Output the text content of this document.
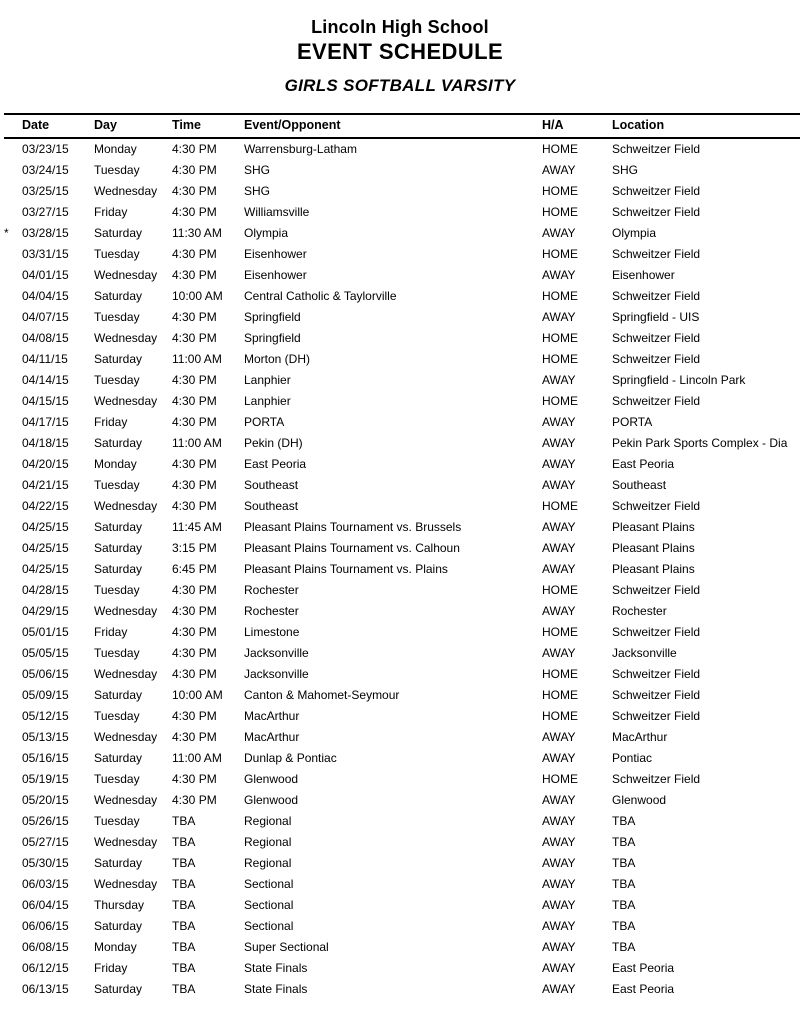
Lincoln High School
EVENT SCHEDULE
GIRLS SOFTBALL VARSITY
	Date	Day	Time	Event/Opponent	H/A	Location
	03/23/15	Monday	4:30 PM	Warrensburg-Latham	HOME	Schweitzer Field
	03/24/15	Tuesday	4:30 PM	SHG	AWAY	SHG
	03/25/15	Wednesday	4:30 PM	SHG	HOME	Schweitzer Field
	03/27/15	Friday	4:30 PM	Williamsville	HOME	Schweitzer Field
*	03/28/15	Saturday	11:30 AM	Olympia	AWAY	Olympia
	03/31/15	Tuesday	4:30 PM	Eisenhower	HOME	Schweitzer Field
	04/01/15	Wednesday	4:30 PM	Eisenhower	AWAY	Eisenhower
	04/04/15	Saturday	10:00 AM	Central Catholic & Taylorville	HOME	Schweitzer Field
	04/07/15	Tuesday	4:30 PM	Springfield	AWAY	Springfield - UIS
	04/08/15	Wednesday	4:30 PM	Springfield	HOME	Schweitzer Field
	04/11/15	Saturday	11:00 AM	Morton (DH)	HOME	Schweitzer Field
	04/14/15	Tuesday	4:30 PM	Lanphier	AWAY	Springfield - Lincoln Park
	04/15/15	Wednesday	4:30 PM	Lanphier	HOME	Schweitzer Field
	04/17/15	Friday	4:30 PM	PORTA	AWAY	PORTA
	04/18/15	Saturday	11:00 AM	Pekin (DH)	AWAY	Pekin Park Sports Complex - Dia
	04/20/15	Monday	4:30 PM	East Peoria	AWAY	East Peoria
	04/21/15	Tuesday	4:30 PM	Southeast	AWAY	Southeast
	04/22/15	Wednesday	4:30 PM	Southeast	HOME	Schweitzer Field
	04/25/15	Saturday	11:45 AM	Pleasant Plains Tournament vs. Brussels	AWAY	Pleasant Plains
	04/25/15	Saturday	3:15 PM	Pleasant Plains Tournament vs. Calhoun	AWAY	Pleasant Plains
	04/25/15	Saturday	6:45 PM	Pleasant Plains Tournament vs. Plains	AWAY	Pleasant Plains
	04/28/15	Tuesday	4:30 PM	Rochester	HOME	Schweitzer Field
	04/29/15	Wednesday	4:30 PM	Rochester	AWAY	Rochester
	05/01/15	Friday	4:30 PM	Limestone	HOME	Schweitzer Field
	05/05/15	Tuesday	4:30 PM	Jacksonville	AWAY	Jacksonville
	05/06/15	Wednesday	4:30 PM	Jacksonville	HOME	Schweitzer Field
	05/09/15	Saturday	10:00 AM	Canton & Mahomet-Seymour	HOME	Schweitzer Field
	05/12/15	Tuesday	4:30 PM	MacArthur	HOME	Schweitzer Field
	05/13/15	Wednesday	4:30 PM	MacArthur	AWAY	MacArthur
	05/16/15	Saturday	11:00 AM	Dunlap & Pontiac	AWAY	Pontiac
	05/19/15	Tuesday	4:30 PM	Glenwood	HOME	Schweitzer Field
	05/20/15	Wednesday	4:30 PM	Glenwood	AWAY	Glenwood
	05/26/15	Tuesday	TBA	Regional	AWAY	TBA
	05/27/15	Wednesday	TBA	Regional	AWAY	TBA
	05/30/15	Saturday	TBA	Regional	AWAY	TBA
	06/03/15	Wednesday	TBA	Sectional	AWAY	TBA
	06/04/15	Thursday	TBA	Sectional	AWAY	TBA
	06/06/15	Saturday	TBA	Sectional	AWAY	TBA
	06/08/15	Monday	TBA	Super Sectional	AWAY	TBA
	06/12/15	Friday	TBA	State Finals	AWAY	East Peoria
	06/13/15	Saturday	TBA	State Finals	AWAY	East Peoria
